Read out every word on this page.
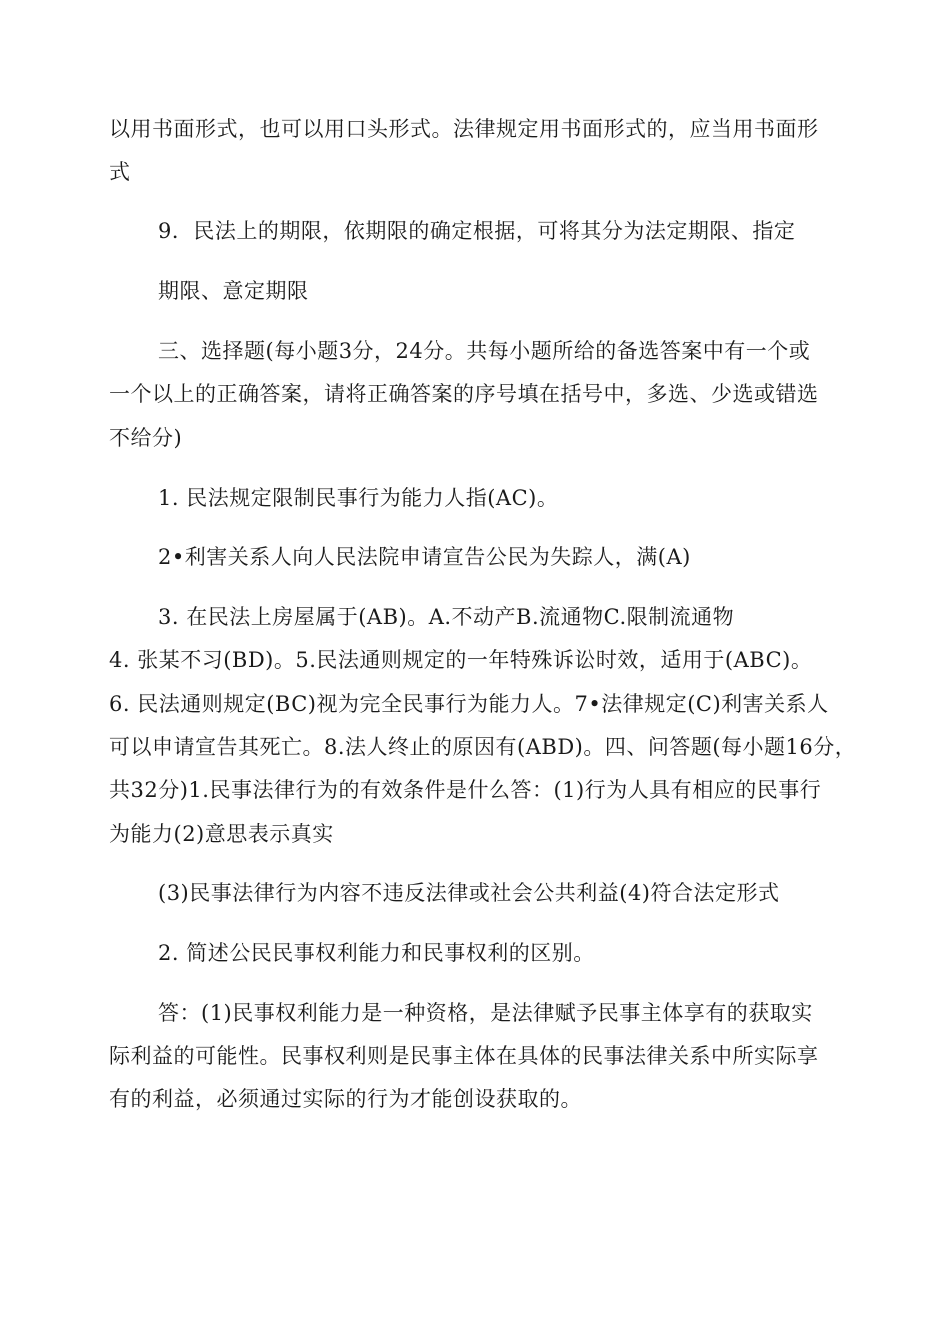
以用书面形式，也可以用口头形式。法律规定用书面形式的，应当用书面形
式
9．民法上的期限，依期限的确定根据，可将其分为法定期限、指定
期限、意定期限
三、选择题(每小题3分，24分。共每小题所给的备选答案中有一个或
一个以上的正确答案，请将正确答案的序号填在括号中，多选、少选或错选
不给分)
1. 民法规定限制民事行为能力人指(AC)。
2•利害关系人向人民法院申请宣告公民为失踪人，满(A)
3. 在民法上房屋属于(AB)。A.不动产B.流通物C.限制流通物
4. 张某不习(BD)。5.民法通则规定的一年特殊诉讼时效，适用于(ABC)。
6. 民法通则规定(BC)视为完全民事行为能力人。7•法律规定(C)利害关系人
可以申请宣告其死亡。8.法人终止的原因有(ABD)。四、问答题(每小题16分，
共32分)1.民事法律行为的有效条件是什么答：(1)行为人具有相应的民事行
为能力(2)意思表示真实
(3)民事法律行为内容不违反法律或社会公共利益(4)符合法定形式
2. 简述公民民事权利能力和民事权利的区别。
答：(1)民事权利能力是一种资格，是法律赋予民事主体享有的获取实
际利益的可能性。民事权利则是民事主体在具体的民事法律关系中所实际享
有的利益，必须通过实际的行为才能创设获取的。
